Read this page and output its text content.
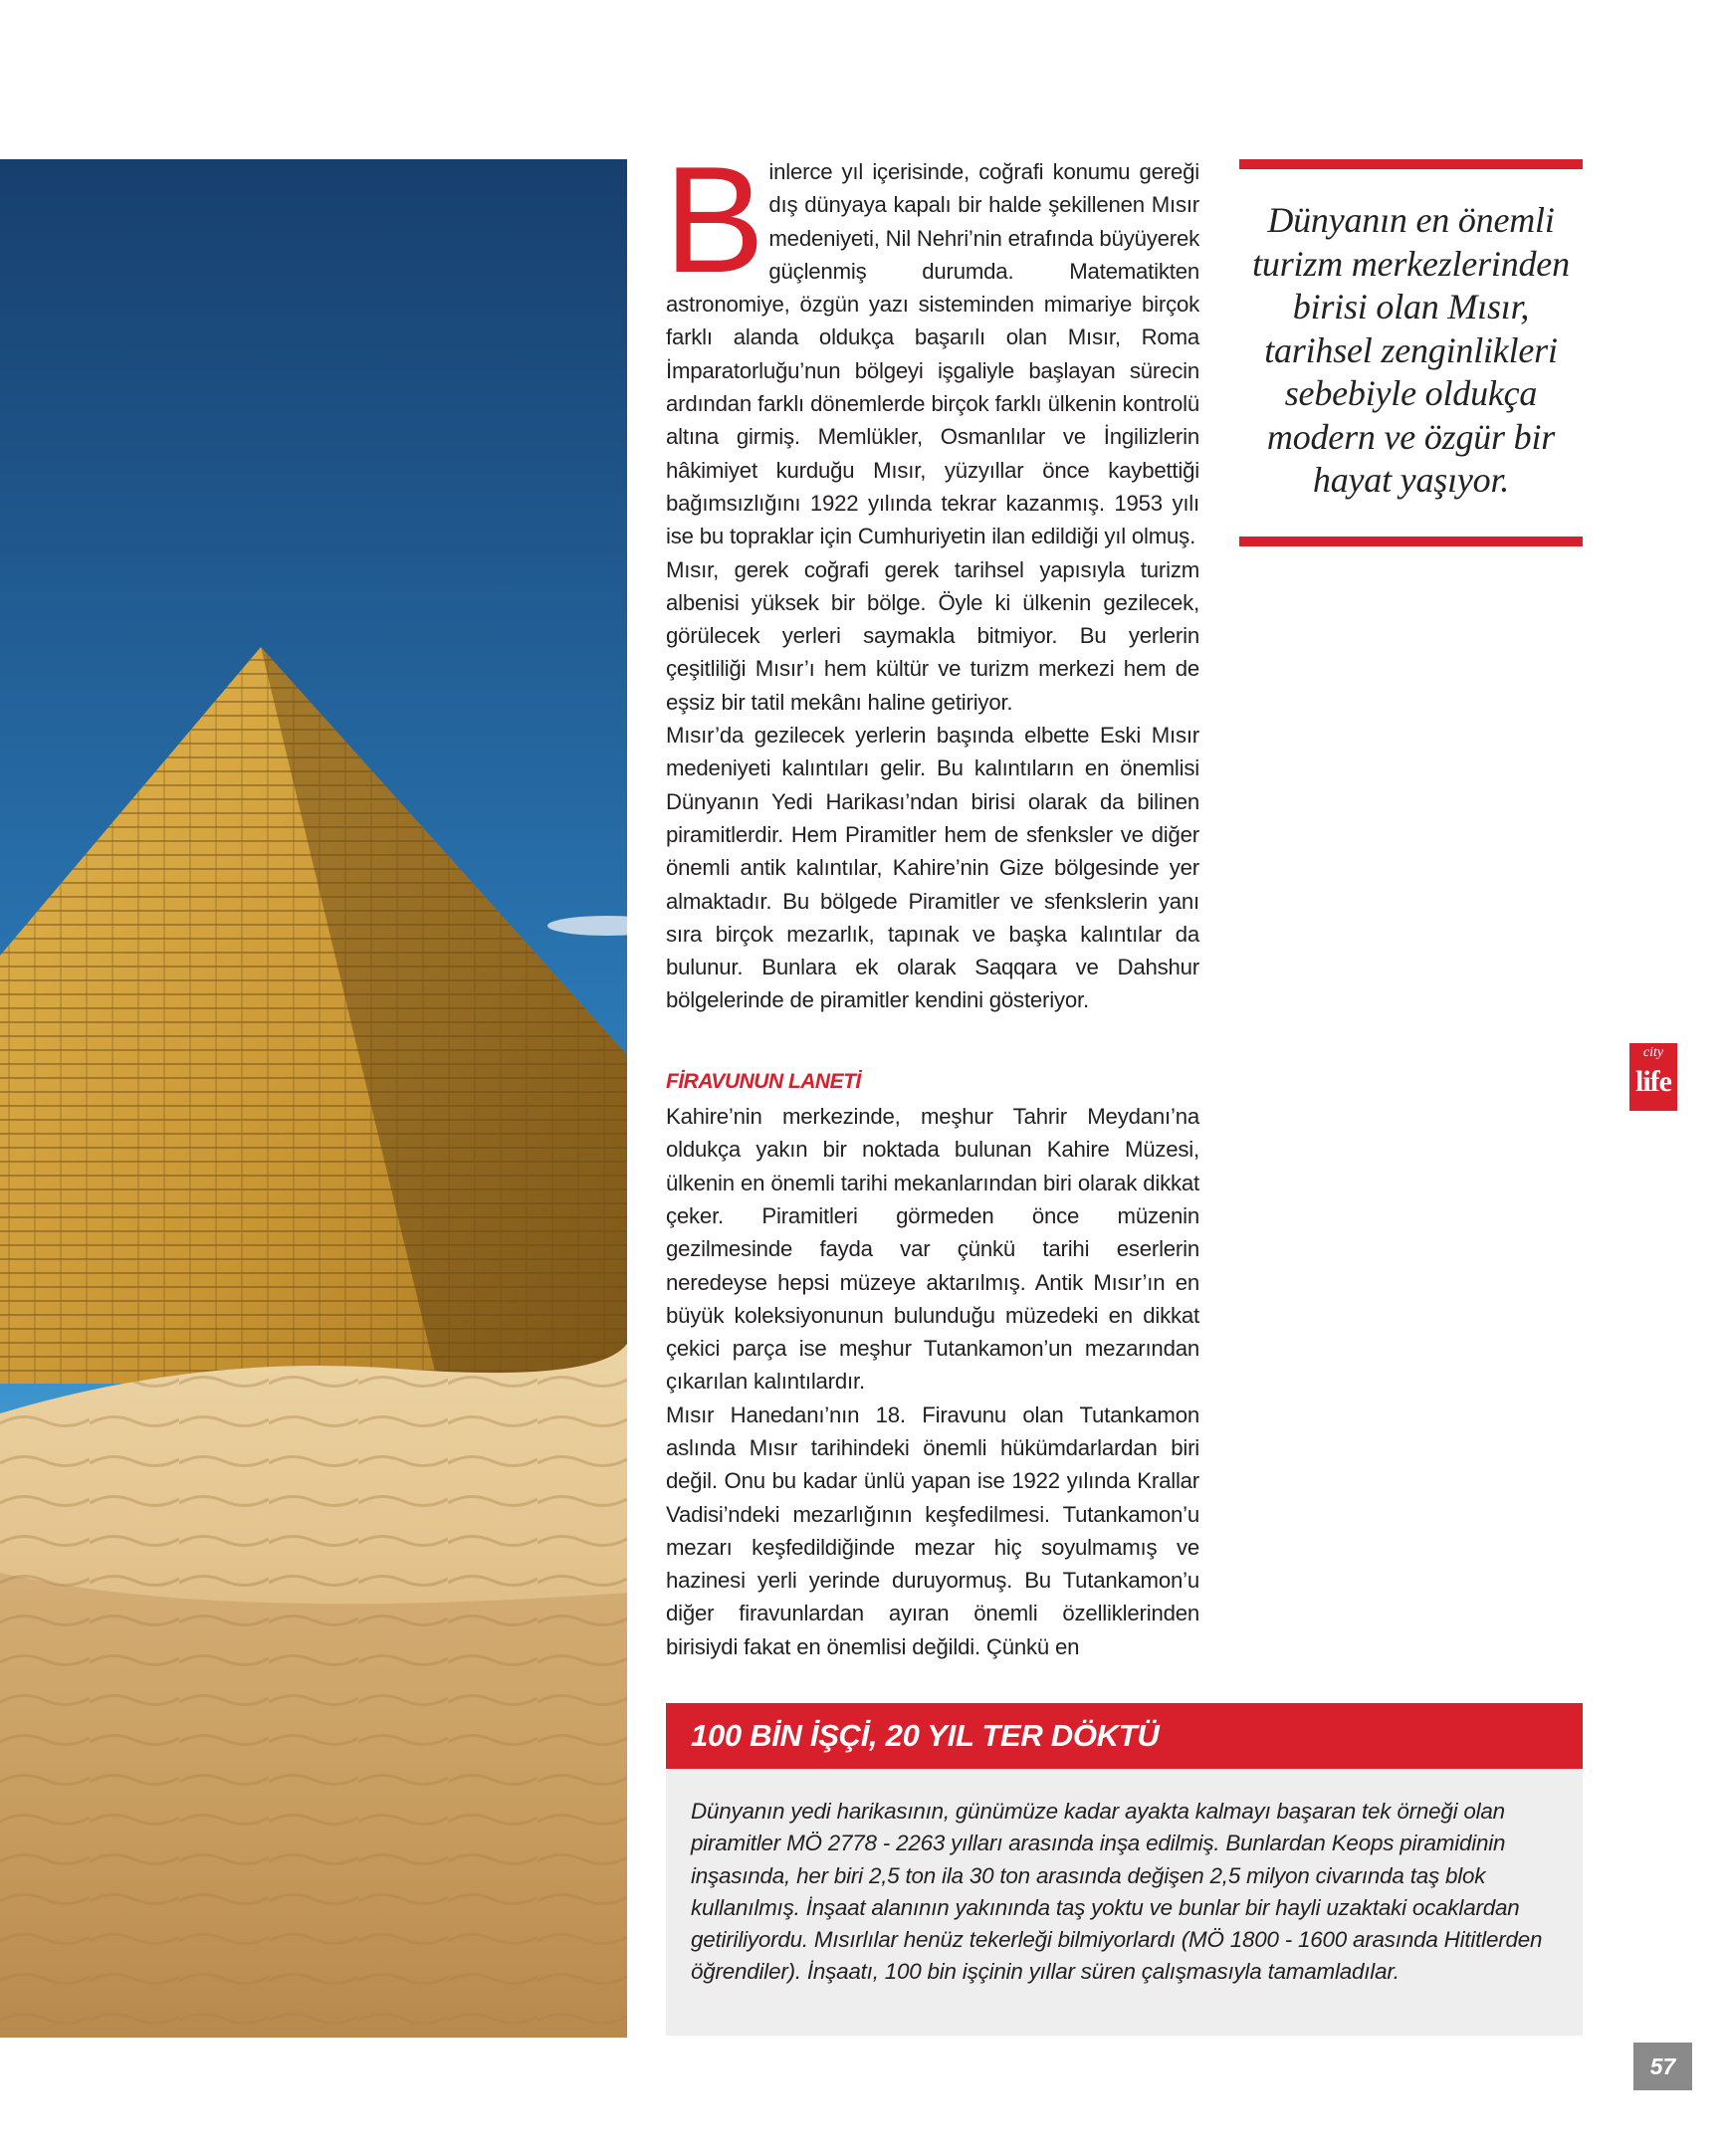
B inlerce yıl içerisinde, coğrafi konumu gereği dış dünyaya kapalı bir halde şekillenen Mısır medeniyeti, Nil Nehri’nin etrafında büyüyerek güçlenmiş durumda. Matematikten astronomiye, özgün yazı sisteminden mimariye birçok farklı alanda oldukça başarılı olan Mısır, Roma İmparatorluğu’nun bölgeyi işgaliyle başlayan sürecin ardından farklı dönemlerde birçok farklı ülkenin kontrolü altına girmiş. Memlükler, Osmanlılar ve İngilizlerin hâkimiyet kurduğu Mısır, yüzyıllar önce kaybettiği bağımsızlığını 1922 yılında tekrar kazanmış. 1953 yılı ise bu topraklar için Cumhuriyetin ilan edildiği yıl olmuş.

Mısır, gerek coğrafi gerek tarihsel yapısıyla turizm albenisi yüksek bir bölge. Öyle ki ülkenin gezilecek, görülecek yerleri saymakla bitmiyor. Bu yerlerin çeşitliliği Mısır’ı hem kültür ve turizm merkezi hem de eşsiz bir tatil mekânı haline getiriyor.

Mısır’da gezilecek yerlerin başında elbette Eski Mısır medeniyeti kalıntıları gelir. Bu kalıntıların en önemlisi Dünyanın Yedi Harikası’ndan birisi olarak da bilinen piramitlerdir. Hem Piramitler hem de sfenksler ve diğer önemli antik kalıntılar, Kahire’nin Gize bölgesinde yer almaktadır. Bu bölgede Piramitler ve sfenkslerin yanı sıra birçok mezarlık, tapınak ve başka kalıntılar da bulunur. Bunlara ek olarak Saqqara ve Dahshur bölgelerinde de piramitler kendini gösteriyor.

FİRAVUNUN LANETİ

Kahire’nin merkezinde, meşhur Tahrir Meydanı’na oldukça yakın bir noktada bulunan Kahire Müzesi, ülkenin en önemli tarihi mekanlarından biri olarak dikkat çeker. Piramitleri görmeden önce müzenin gezilmesinde fayda var çünkü tarihi eserlerin neredeyse hepsi müzeye aktarılmış. Antik Mısır’ın en büyük koleksiyonunun bulunduğu müzedeki en dikkat çekici parça ise meşhur Tutankamon’un mezarından çıkarılan kalıntılardır.

Mısır Hanedanı’nın 18. Firavunu olan Tutankamon aslında Mısır tarihindeki önemli hükümdarlardan biri değil. Onu bu kadar ünlü yapan ise 1922 yılında Krallar Vadisi’ndeki mezarlığının keşfedilmesi. Tutankamon’u mezarı keşfedildiğinde mezar hiç soyulmamış ve hazinesi yerli yerinde duruyormuş. Bu Tutankamon’u diğer firavunlardan ayıran önemli özelliklerinden birisiydi fakat en önemlisi değildi. Çünkü en

Dünyanın en önemli turizm merkezlerinden birisi olan Mısır, tarihsel zenginlikleri sebebiyle oldukça modern ve özgür bir hayat yaşıyor.
city
life
100 BİN İŞÇİ, 20 YIL TER DÖKTÜ
Dünyanın yedi harikasının, günümüze kadar ayakta kalmayı başaran tek örneği olan piramitler MÖ 2778 - 2263 yılları arasında inşa edilmiş. Bunlardan Keops piramidinin inşasında, her biri 2,5 ton ila 30 ton arasında değişen 2,5 milyon civarında taş blok kullanılmış. İnşaat alanının yakınında taş yoktu ve bunlar bir hayli uzaktaki ocaklardan getiriliyordu. Mısırlılar henüz tekerleği bilmiyorlardı (MÖ 1800 - 1600 arasında Hititlerden öğrendiler). İnşaatı, 100 bin işçinin yıllar süren çalışmasıyla tamamladılar.
57
